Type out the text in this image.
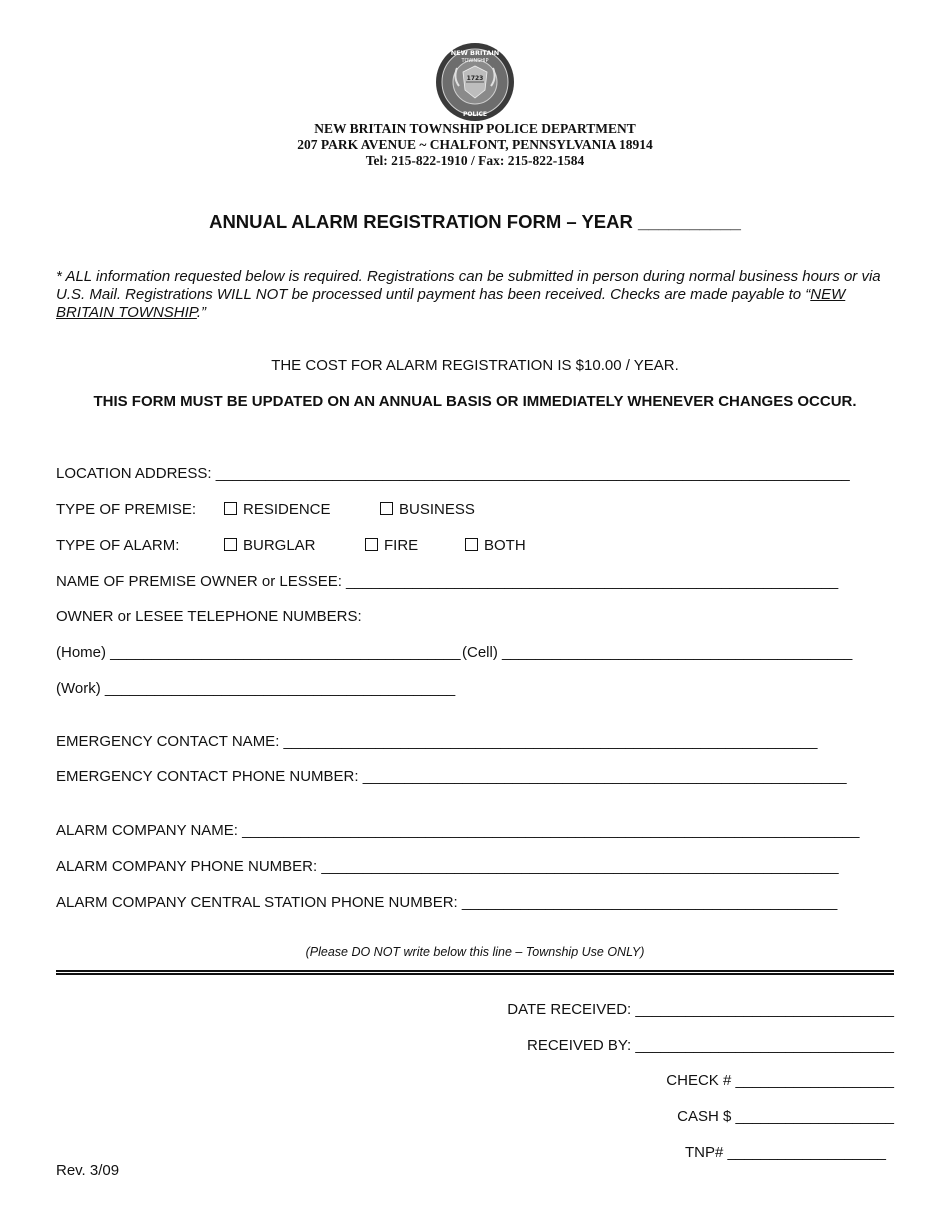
NEW BRITAIN
TOWNSHIP
1723
POLICE
NEW BRITAIN TOWNSHIP POLICE DEPARTMENT
207 PARK AVENUE ~ CHALFONT, PENNSYLVANIA 18914
Tel: 215-822-1910 / Fax: 215-822-1584
ANNUAL ALARM REGISTRATION FORM – YEAR __________
* ALL information requested below is required. Registrations can be submitted in person during normal business hours or via U.S. Mail. Registrations WILL NOT be processed until payment has been received. Checks are made payable to “NEW BRITAIN TOWNSHIP.”
THE COST FOR ALARM REGISTRATION IS $10.00 / YEAR.
THIS FORM MUST BE UPDATED ON AN ANNUAL BASIS OR IMMEDIATELY WHENEVER CHANGES OCCUR.
LOCATION ADDRESS: ____________________________________________________________________________
TYPE OF PREMISE:	RESIDENCE	BUSINESS
TYPE OF ALARM:	BURGLAR	FIRE	BOTH
NAME OF PREMISE OWNER or LESSEE: ___________________________________________________________
OWNER or LESEE TELEPHONE NUMBERS:
(Home) __________________________________________ (Cell) __________________________________________
(Work) __________________________________________
EMERGENCY CONTACT NAME: ________________________________________________________________
EMERGENCY CONTACT PHONE NUMBER: __________________________________________________________
ALARM COMPANY NAME: __________________________________________________________________________
ALARM COMPANY PHONE NUMBER: ______________________________________________________________
ALARM COMPANY CENTRAL STATION PHONE NUMBER: _____________________________________________
(Please DO NOT write below this line – Township Use ONLY)
DATE RECEIVED: _______________________________
RECEIVED BY: _______________________________
CHECK # ___________________
CASH $ ___________________
TNP# ___________________
Rev. 3/09
